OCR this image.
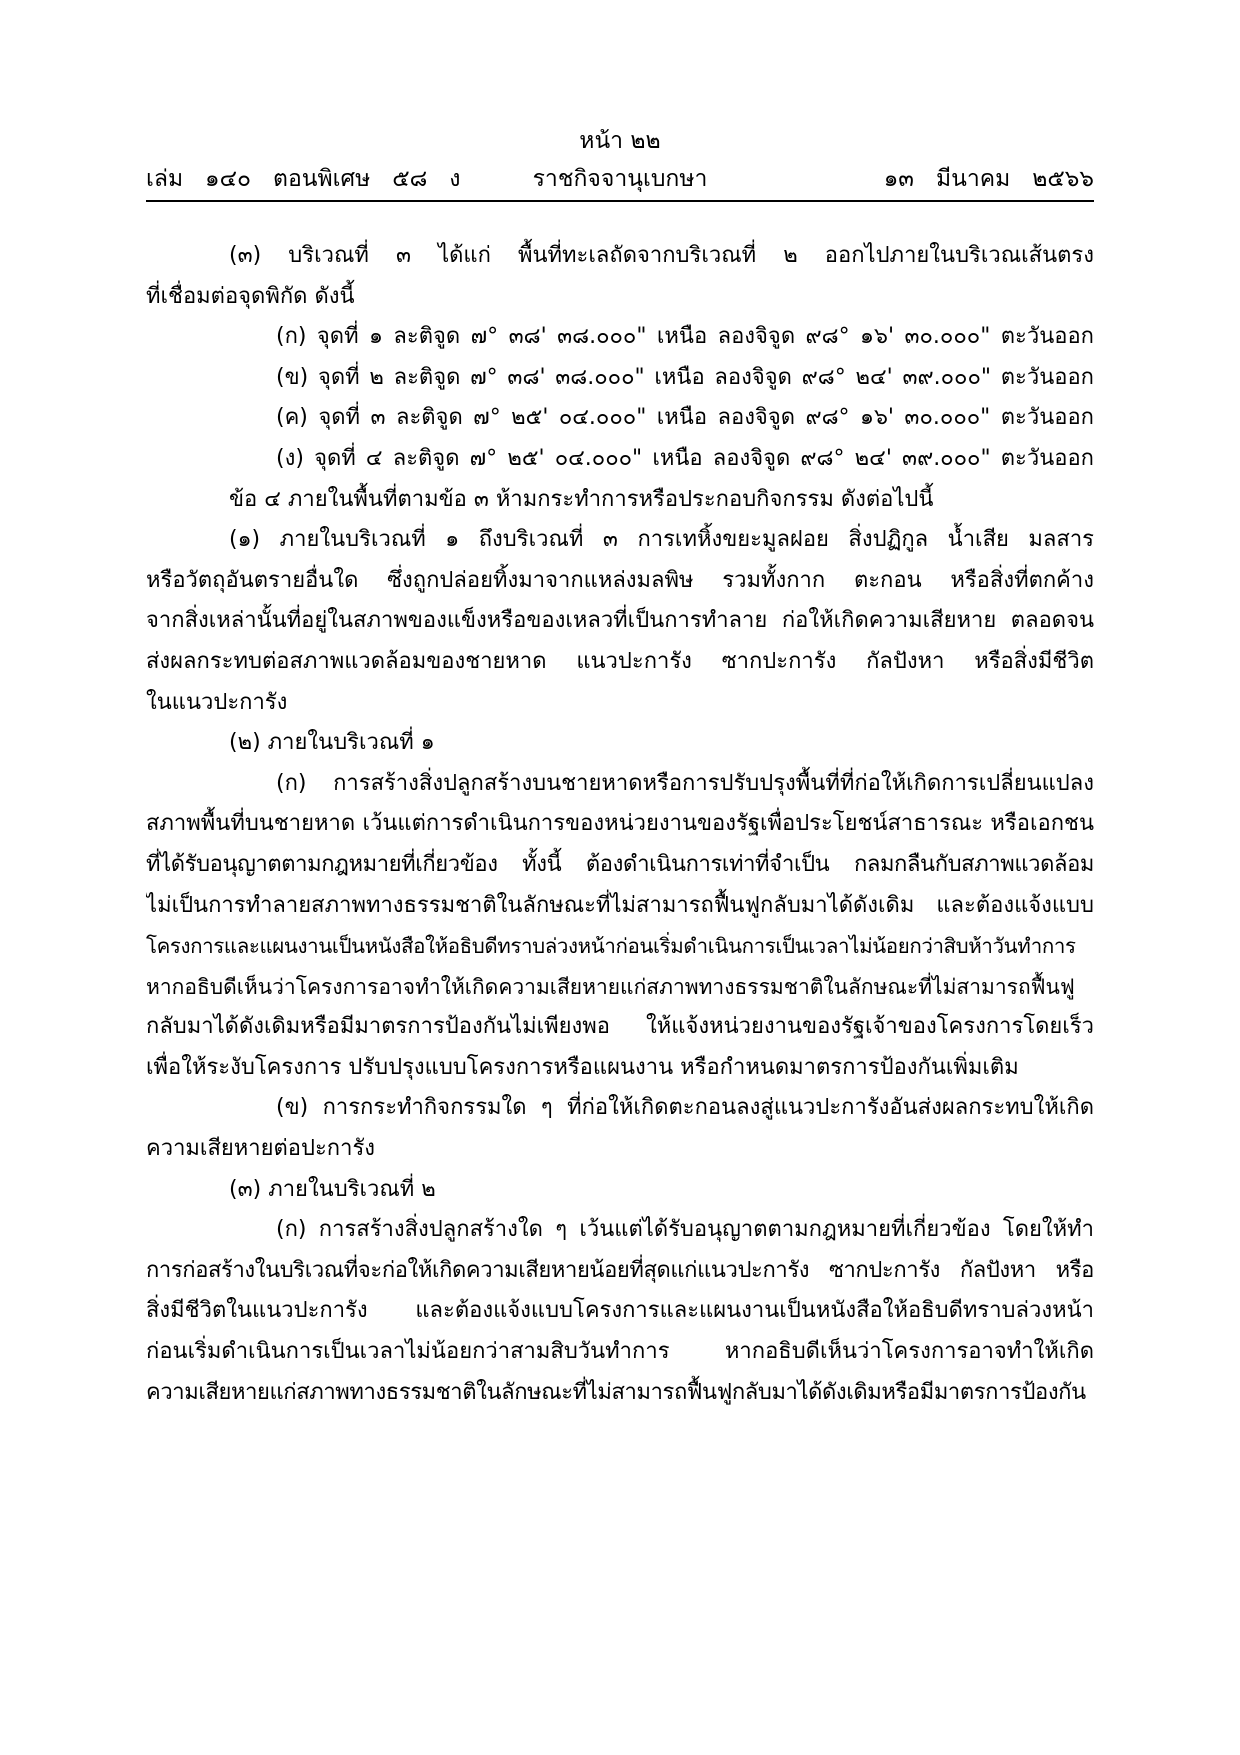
หน้า ๒๒
เล่ม   ๑๔๐   ตอนพิเศษ   ๕๘   ง	ราชกิจจานุเบกษา	๑๓   มีนาคม   ๒๕๖๖
(๓) บริเวณที่ ๓ ได้แก่ พื้นที่ทะเลถัดจากบริเวณที่ ๒ ออกไปภายในบริเวณเส้นตรง
ที่เชื่อมต่อจุดพิกัด ดังนี้
(ก) จุดที่ ๑ ละติจูด ๗° ๓๘' ๓๘.๐๐๐" เหนือ ลองจิจูด ๙๘° ๑๖' ๓๐.๐๐๐" ตะวันออก
(ข) จุดที่ ๒ ละติจูด ๗° ๓๘' ๓๘.๐๐๐" เหนือ ลองจิจูด ๙๘° ๒๔' ๓๙.๐๐๐" ตะวันออก
(ค) จุดที่ ๓ ละติจูด ๗° ๒๕' ๐๔.๐๐๐" เหนือ ลองจิจูด ๙๘° ๑๖' ๓๐.๐๐๐" ตะวันออก
(ง) จุดที่ ๔ ละติจูด ๗° ๒๕' ๐๔.๐๐๐" เหนือ ลองจิจูด ๙๘° ๒๔' ๓๙.๐๐๐" ตะวันออก
ข้อ ๔ ภายในพื้นที่ตามข้อ ๓ ห้ามกระทำการหรือประกอบกิจกรรม ดังต่อไปนี้
(๑) ภายในบริเวณที่ ๑ ถึงบริเวณที่ ๓ การเทหิ้งขยะมูลฝอย สิ่งปฏิกูล น้ำเสีย มลสาร
หรือวัตถุอันตรายอื่นใด ซึ่งถูกปล่อยทิ้งมาจากแหล่งมลพิษ รวมทั้งกาก ตะกอน หรือสิ่งที่ตกค้าง
จากสิ่งเหล่านั้นที่อยู่ในสภาพของแข็งหรือของเหลวที่เป็นการทำลาย ก่อให้เกิดความเสียหาย ตลอดจน
ส่งผลกระทบต่อสภาพแวดล้อมของชายหาด แนวปะการัง ซากปะการัง กัลปังหา หรือสิ่งมีชีวิต
ในแนวปะการัง
(๒) ภายในบริเวณที่ ๑
(ก) การสร้างสิ่งปลูกสร้างบนชายหาดหรือการปรับปรุงพื้นที่ที่ก่อให้เกิดการเปลี่ยนแปลง
สภาพพื้นที่บนชายหาด เว้นแต่การดำเนินการของหน่วยงานของรัฐเพื่อประโยชน์สาธารณะ หรือเอกชน
ที่ได้รับอนุญาตตามกฎหมายที่เกี่ยวข้อง ทั้งนี้ ต้องดำเนินการเท่าที่จำเป็น กลมกลืนกับสภาพแวดล้อม
ไม่เป็นการทำลายสภาพทางธรรมชาติในลักษณะที่ไม่สามารถฟื้นฟูกลับมาได้ดังเดิม และต้องแจ้งแบบ
โครงการและแผนงานเป็นหนังสือให้อธิบดีทราบล่วงหน้าก่อนเริ่มดำเนินการเป็นเวลาไม่น้อยกว่าสิบห้าวันทำการ
หากอธิบดีเห็นว่าโครงการอาจทำให้เกิดความเสียหายแก่สภาพทางธรรมชาติในลักษณะที่ไม่สามารถฟื้นฟู
กลับมาได้ดังเดิมหรือมีมาตรการป้องกันไม่เพียงพอ ให้แจ้งหน่วยงานของรัฐเจ้าของโครงการโดยเร็ว
เพื่อให้ระงับโครงการ ปรับปรุงแบบโครงการหรือแผนงาน หรือกำหนดมาตรการป้องกันเพิ่มเติม
(ข) การกระทำกิจกรรมใด ๆ ที่ก่อให้เกิดตะกอนลงสู่แนวปะการังอันส่งผลกระทบให้เกิด
ความเสียหายต่อปะการัง
(๓) ภายในบริเวณที่ ๒
(ก) การสร้างสิ่งปลูกสร้างใด ๆ เว้นแต่ได้รับอนุญาตตามกฎหมายที่เกี่ยวข้อง โดยให้ทำ
การก่อสร้างในบริเวณที่จะก่อให้เกิดความเสียหายน้อยที่สุดแก่แนวปะการัง ซากปะการัง กัลปังหา หรือ
สิ่งมีชีวิตในแนวปะการัง และต้องแจ้งแบบโครงการและแผนงานเป็นหนังสือให้อธิบดีทราบล่วงหน้า
ก่อนเริ่มดำเนินการเป็นเวลาไม่น้อยกว่าสามสิบวันทำการ หากอธิบดีเห็นว่าโครงการอาจทำให้เกิด
ความเสียหายแก่สภาพทางธรรมชาติในลักษณะที่ไม่สามารถฟื้นฟูกลับมาได้ดังเดิมหรือมีมาตรการป้องกัน
